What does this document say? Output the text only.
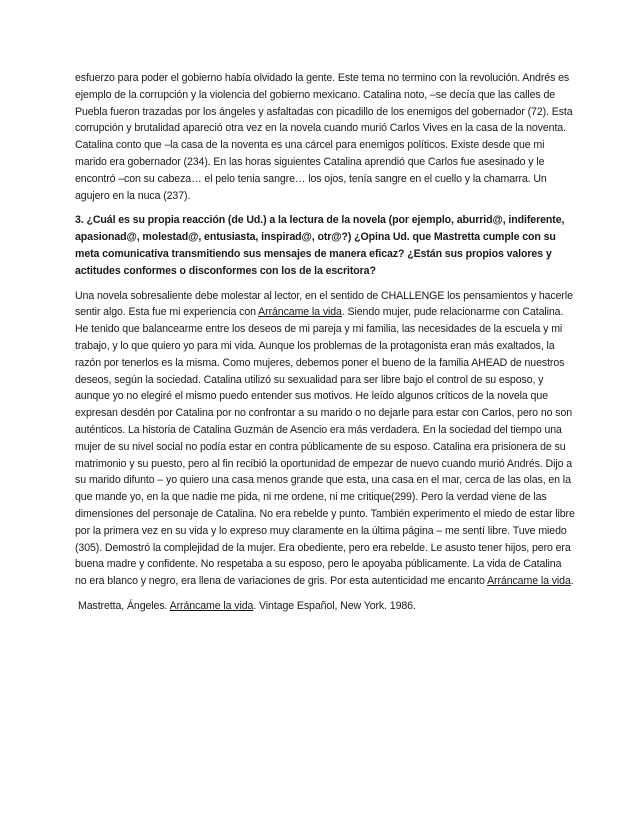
esfuerzo para poder el gobierno había olvidado la gente. Este tema no termino con la revolución. Andrés es ejemplo de la corrupción y la violencia del gobierno mexicano. Catalina noto, –se decía que las calles de Puebla fueron trazadas por los ángeles y asfaltadas con picadillo de los enemigos del gobernador (72). Esta corrupción y brutalidad apareció otra vez en la novela cuando murió Carlos Vives en la casa de la noventa. Catalina conto que –la casa de la noventa es una cárcel para enemigos políticos. Existe desde que mi marido era gobernador (234). En las horas siguientes Catalina aprendió que Carlos fue asesinado y le encontró –con su cabeza… el pelo tenia sangre… los ojos, tenía sangre en el cuello y la chamarra. Un agujero en la nuca (237).

3. ¿Cuál es su propia reacción (de Ud.) a la lectura de la novela (por ejemplo, aburrid@, indiferente, apasionad@, molestad@, entusiasta, inspirad@, otr@?) ¿Opina Ud. que Mastretta cumple con su meta comunicativa transmitiendo sus mensajes de manera eficaz? ¿Están sus propios valores y actitudes conformes o disconformes con los de la escritora?

Una novela sobresaliente debe molestar al lector, en el sentido de CHALLENGE los pensamientos y hacerle sentir algo. Esta fue mi experiencia con Arráncame la vida. Siendo mujer, pude relacionarme con Catalina. He tenido que balancearme entre los deseos de mi pareja y mi familia, las necesidades de la escuela y mi trabajo, y lo que quiero yo para mi vida. Aunque los problemas de la protagonista eran más exaltados, la razón por tenerlos es la misma. Como mujeres, debemos poner el bueno de la familia AHEAD de nuestros deseos, según la sociedad. Catalina utilizó su sexualidad para ser libre bajo el control de su esposo, y aunque yo no elegiré el mismo puedo entender sus motivos. He leído algunos críticos de la novela que expresan desdén por Catalina por no confrontar a su marido o no dejarle para estar con Carlos, pero no son auténticos. La historia de Catalina Guzmán de Asencio era más verdadera. En la sociedad del tiempo una mujer de su nivel social no podía estar en contra públicamente de su esposo. Catalina era prisionera de su matrimonio y su puesto, pero al fin recibió la oportunidad de empezar de nuevo cuando murió Andrés. Dijo a su marido difunto – yo quiero una casa menos grande que esta, una casa en el mar, cerca de las olas, en la que mande yo, en la que nadie me pida, ni me ordene, ni me critique(299). Pero la verdad viene de las dimensiones del personaje de Catalina. No era rebelde y punto. También experimento el miedo de estar libre por la primera vez en su vida y lo expreso muy claramente en la última página – me sentí libre. Tuve miedo (305). Demostró la complejidad de la mujer. Era obediente, pero era rebelde. Le asusto tener hijos, pero era buena madre y confidente. No respetaba a su esposo, pero le apoyaba públicamente. La vida de Catalina no era blanco y negro, era llena de variaciones de gris. Por esta autenticidad me encanto Arráncame la vida.

Mastretta, Ángeles. Arráncame la vida. Vintage Español, New York. 1986.
